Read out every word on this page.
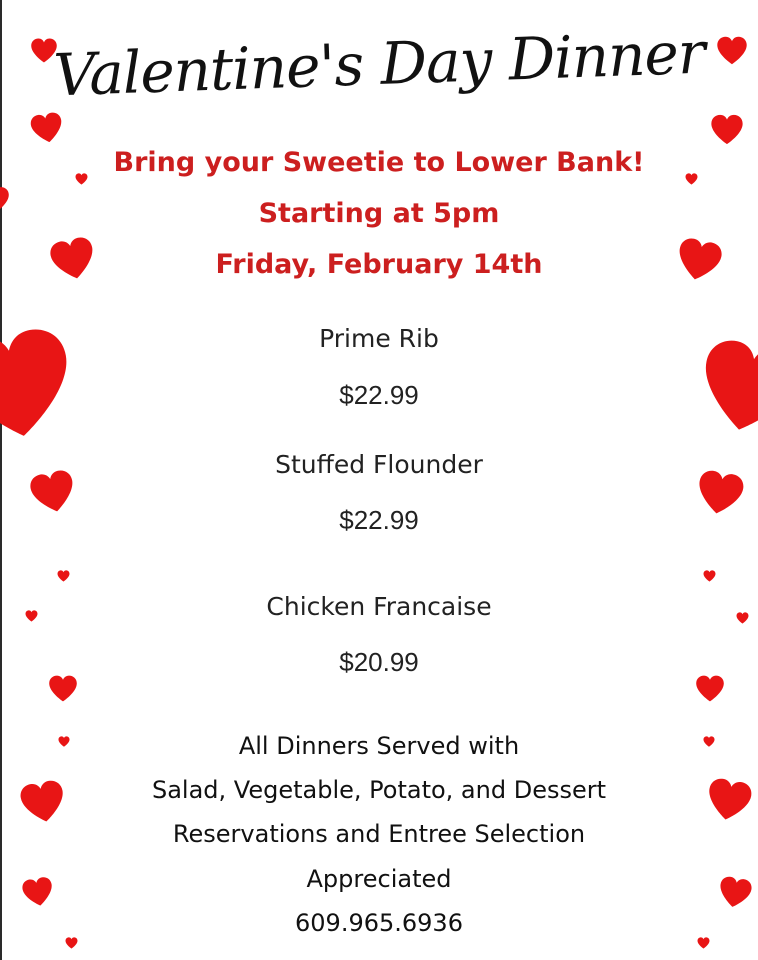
Valentine's Day Dinner
Bring your Sweetie to Lower Bank!
Starting at 5pm
Friday, February 14th
Prime Rib
$22.99
Stuffed Flounder
$22.99
Chicken Francaise
$20.99
All Dinners Served with
Salad, Vegetable, Potato, and Dessert
Reservations and Entree Selection
Appreciated
609.965.6936
